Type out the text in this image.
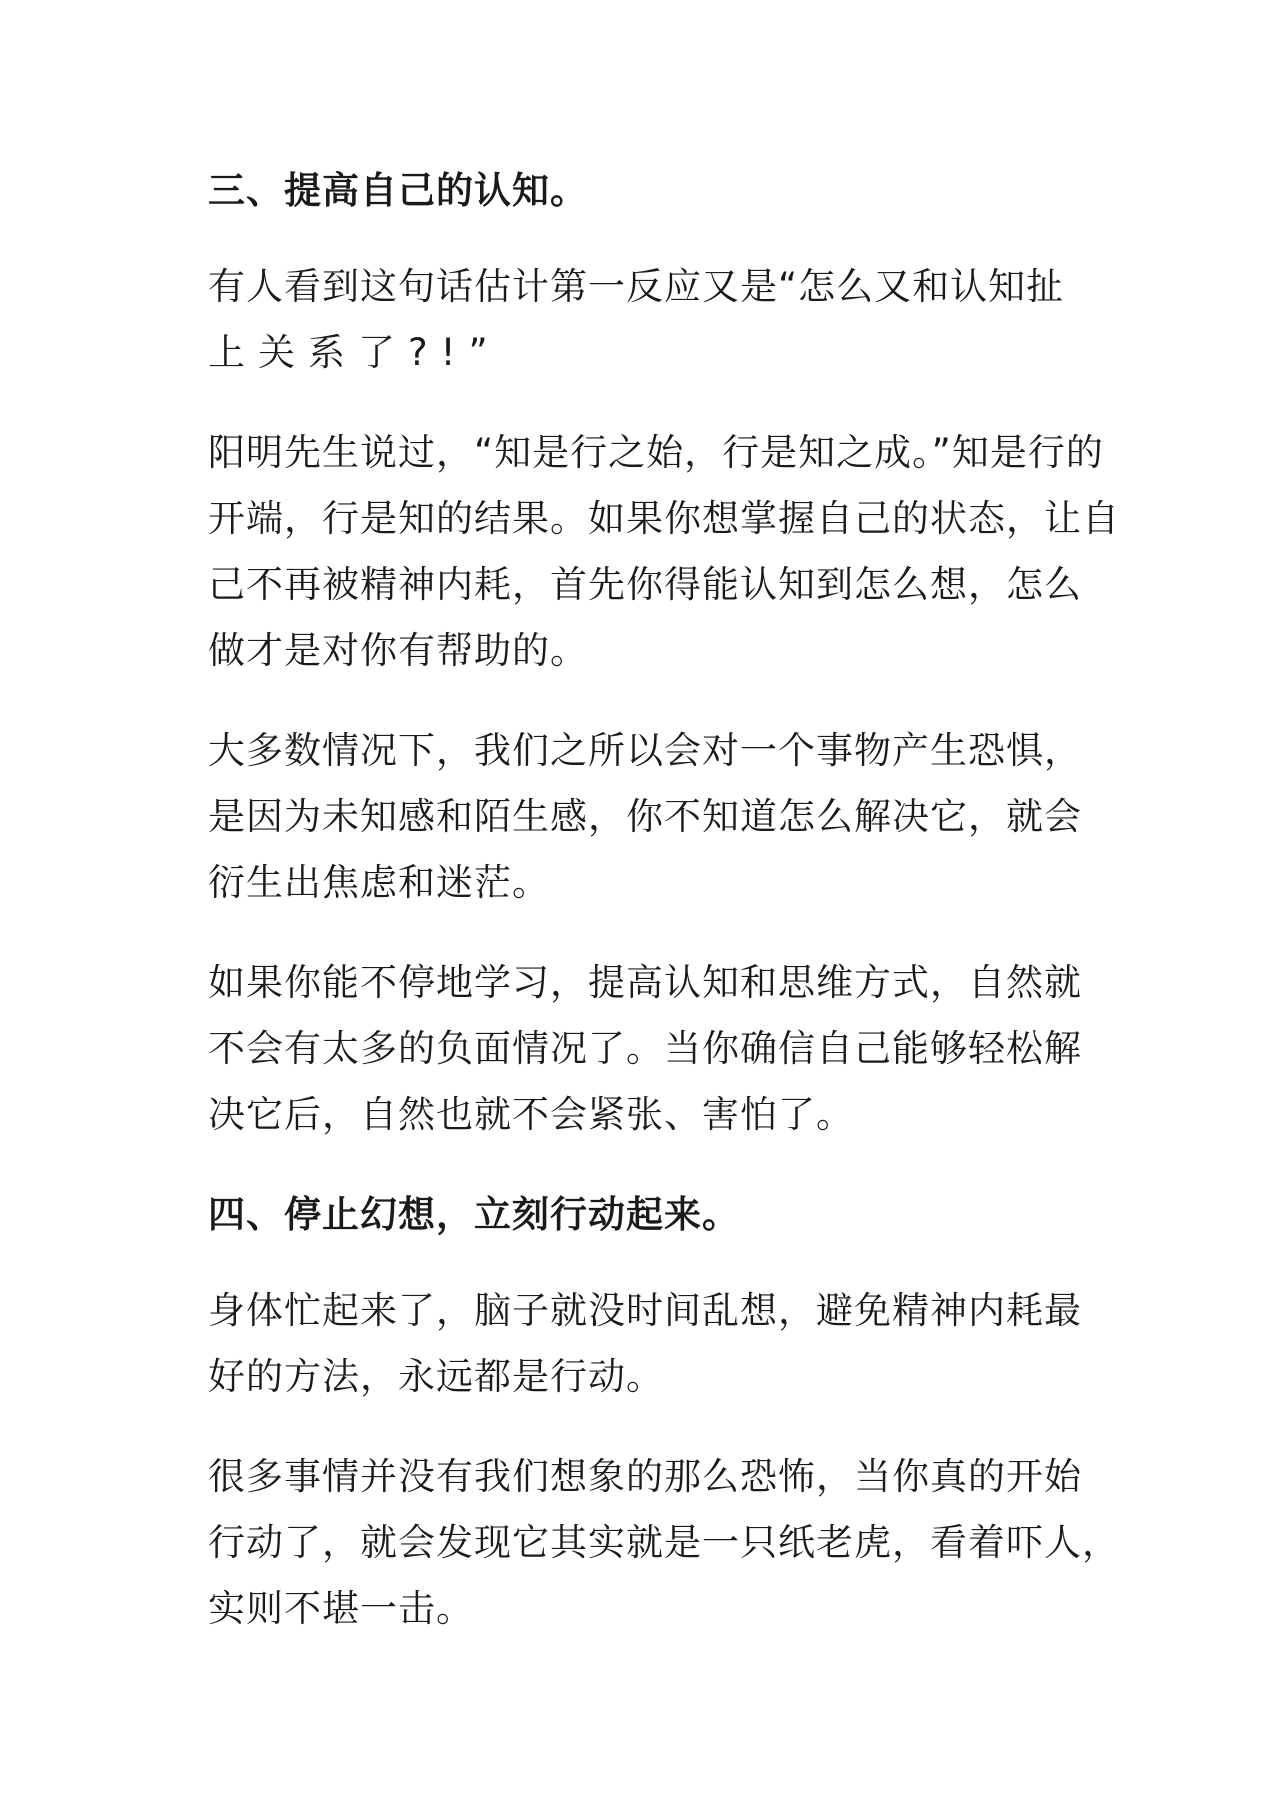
三、提高自己的认知。
有人看到这句话估计第一反应又是“怎么又和认知扯
上关系了?!”
阳明先生说过，“知是行之始，行是知之成。”知是行的
开端，行是知的结果。如果你想掌握自己的状态，让自
己不再被精神内耗，首先你得能认知到怎么想，怎么
做才是对你有帮助的。
大多数情况下，我们之所以会对一个事物产生恐惧，
是因为未知感和陌生感，你不知道怎么解决它，就会
衍生出焦虑和迷茫。
如果你能不停地学习，提高认知和思维方式，自然就
不会有太多的负面情况了。当你确信自己能够轻松解
决它后，自然也就不会紧张、害怕了。
四、停止幻想，立刻行动起来。
身体忙起来了，脑子就没时间乱想，避免精神内耗最
好的方法，永远都是行动。
很多事情并没有我们想象的那么恐怖，当你真的开始
行动了，就会发现它其实就是一只纸老虎，看着吓人，
实则不堪一击。
